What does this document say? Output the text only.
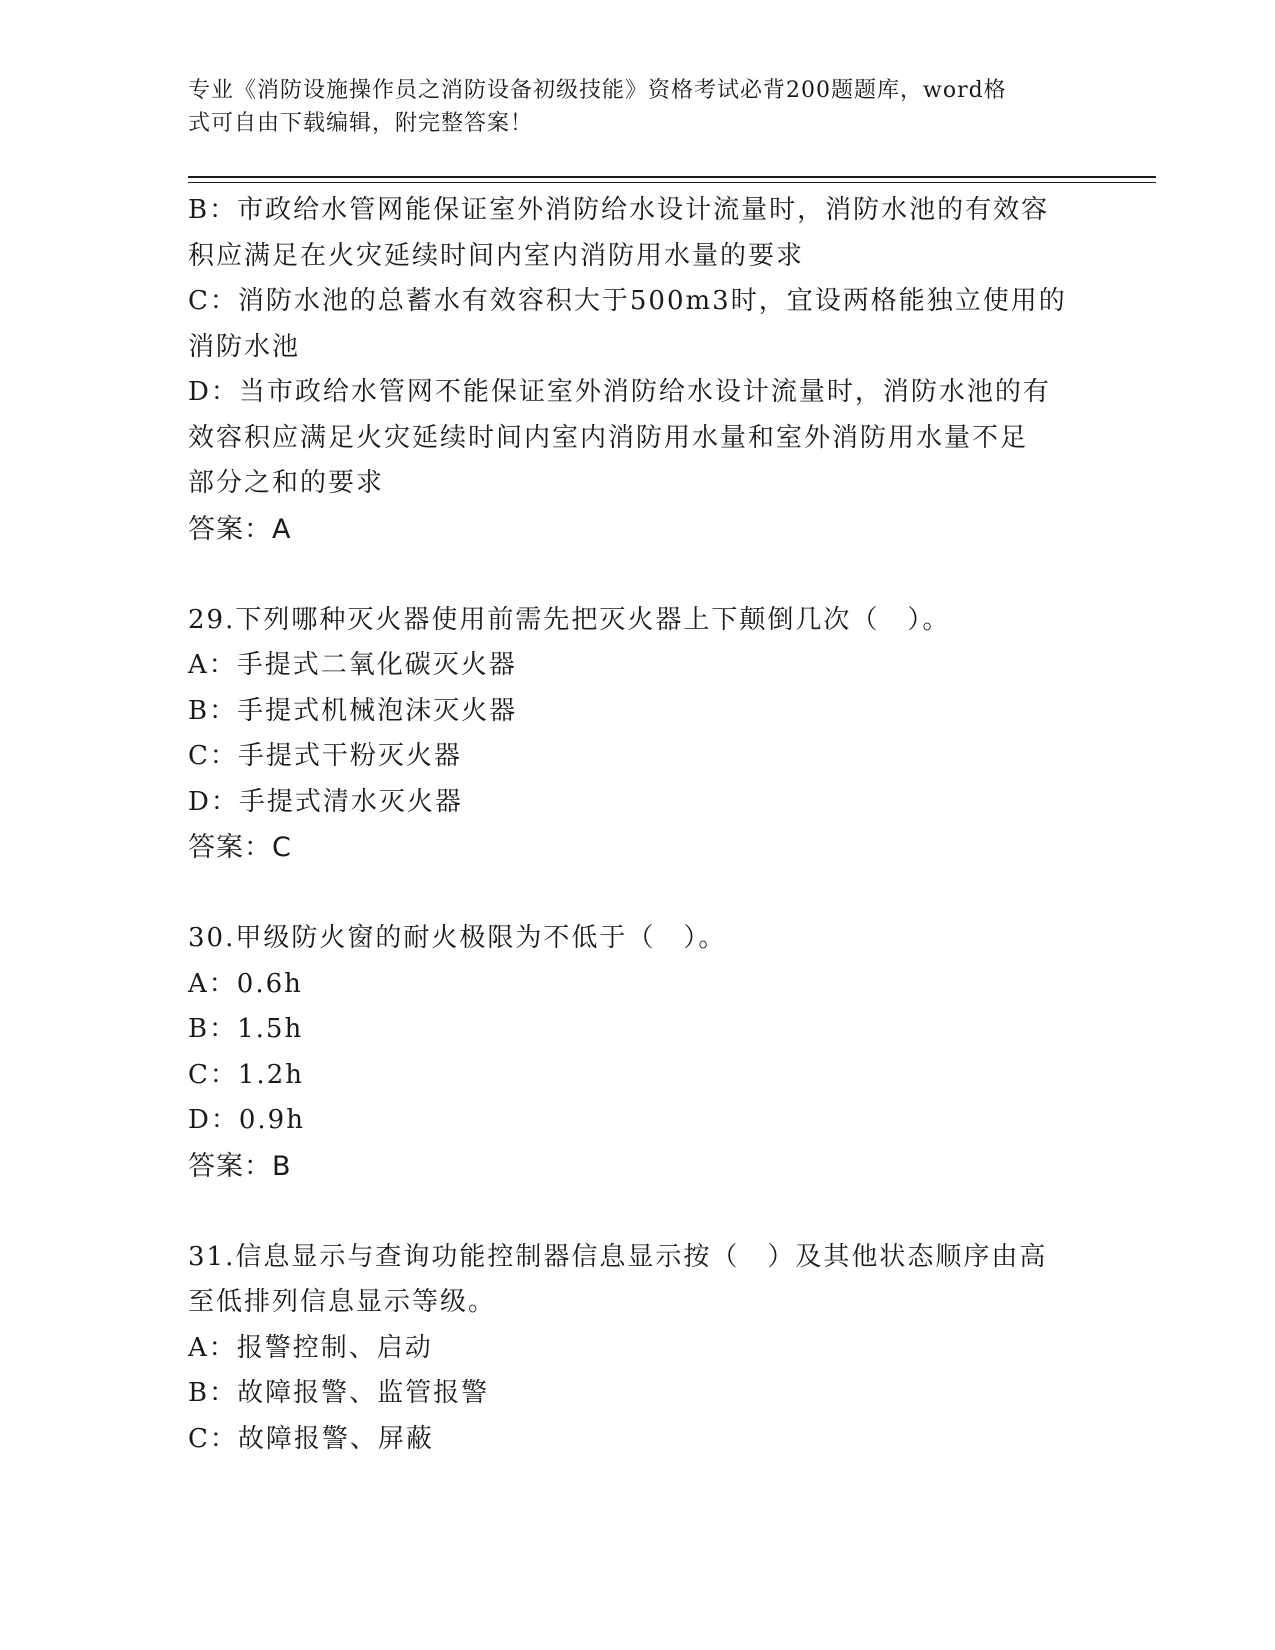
专业《消防设施操作员之消防设备初级技能》资格考试必背200题题库，word格
式可自由下载编辑，附完整答案！
B：市政给水管网能保证室外消防给水设计流量时，消防水池的有效容
积应满足在火灾延续时间内室内消防用水量的要求
C：消防水池的总蓄水有效容积大于500m3时，宜设两格能独立使用的
消防水池
D：当市政给水管网不能保证室外消防给水设计流量时，消防水池的有
效容积应满足火灾延续时间内室内消防用水量和室外消防用水量不足
部分之和的要求
答案：A
29.下列哪种灭火器使用前需先把灭火器上下颠倒几次（　）。
A：手提式二氧化碳灭火器
B：手提式机械泡沫灭火器
C：手提式干粉灭火器
D：手提式清水灭火器
答案：C
30.甲级防火窗的耐火极限为不低于（　）。
A：0.6h
B：1.5h
C：1.2h
D：0.9h
答案：B
31.信息显示与查询功能控制器信息显示按（　）及其他状态顺序由高
至低排列信息显示等级。
A：报警控制、启动
B：故障报警、监管报警
C：故障报警、屏蔽
